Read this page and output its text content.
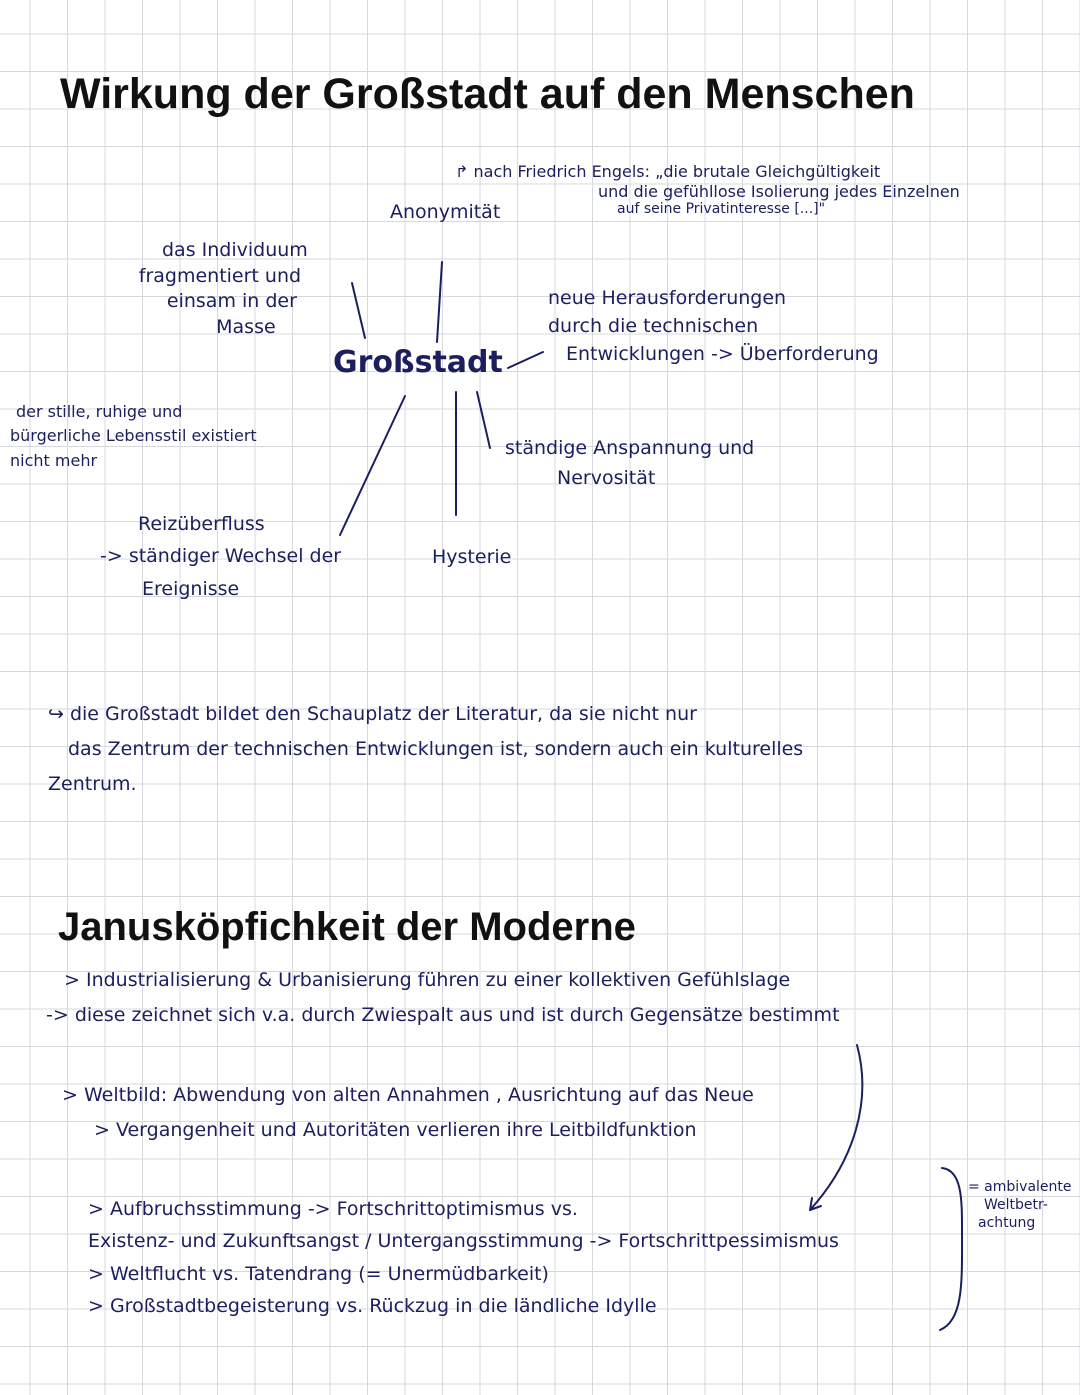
Wirkung der Großstadt auf den Menschen
Anonymität
↱ nach Friedrich Engels: „die brutale Gleichgültigkeit
und die gefühllose Isolierung jedes Einzelnen
auf seine Privatinteresse [...]"
das Individuum
fragmentiert und
einsam in der
Masse
Großstadt
neue Herausforderungen
durch die technischen
Entwicklungen -> Überforderung
der stille, ruhige und
bürgerliche Lebensstil existiert
nicht mehr
ständige Anspannung und
Nervosität
Reizüberfluss
-> ständiger Wechsel der
Ereignisse
Hysterie
↪ die Großstadt bildet den Schauplatz der Literatur, da sie nicht nur
das Zentrum der technischen Entwicklungen ist, sondern auch ein kulturelles
Zentrum.
Janusköpfichkeit der Moderne
> Industrialisierung & Urbanisierung führen zu einer kollektiven Gefühlslage
-> diese zeichnet sich v.a. durch Zwiespalt aus und ist durch Gegensätze bestimmt
> Weltbild: Abwendung von alten Annahmen , Ausrichtung auf das Neue
> Vergangenheit und Autoritäten verlieren ihre Leitbildfunktion
> Aufbruchsstimmung -> Fortschrittoptimismus vs.
Existenz- und Zukunftsangst / Untergangsstimmung -> Fortschrittpessimismus
> Weltflucht vs. Tatendrang (= Unermüdbarkeit)
> Großstadtbegeisterung vs. Rückzug in die ländliche Idylle
= ambivalente
Weltbetr-
achtung
